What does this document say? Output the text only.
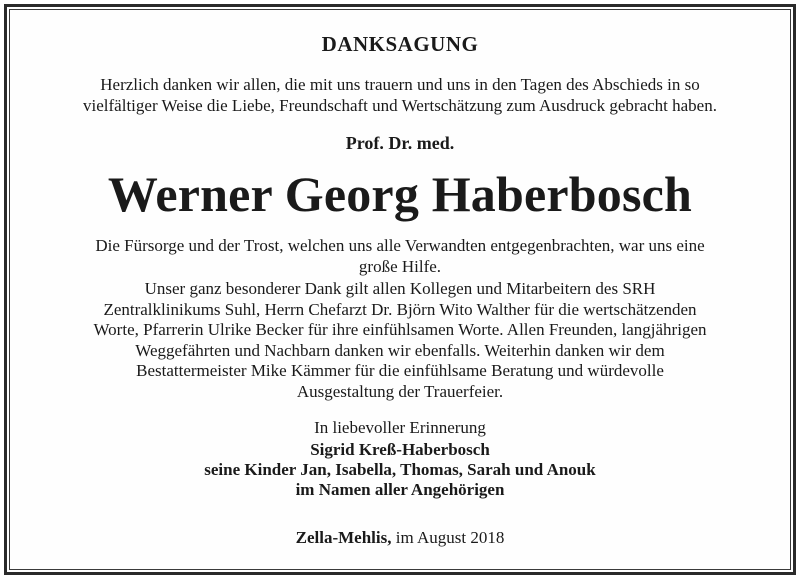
DANKSAGUNG
Herzlich danken wir allen, die mit uns trauern und uns in den Tagen des Abschieds in so
vielfältiger Weise die Liebe, Freundschaft und Wertschätzung zum Ausdruck gebracht haben.
Prof. Dr. med.
Werner Georg Haberbosch
Die Fürsorge und der Trost, welchen uns alle Verwandten entgegenbrachten, war uns eine
große Hilfe.
Unser ganz besonderer Dank gilt allen Kollegen und Mitarbeitern des SRH
Zentralklinikums Suhl, Herrn Chefarzt Dr. Björn Wito Walther für die wertschätzenden
Worte, Pfarrerin Ulrike Becker für ihre einfühlsamen Worte. Allen Freunden, langjährigen
Weggefährten und Nachbarn danken wir ebenfalls. Weiterhin danken wir dem
Bestattermeister Mike Kämmer für die einfühlsame Beratung und würdevolle
Ausgestaltung der Trauerfeier.
In liebevoller Erinnerung
Sigrid Kreß-Haberbosch
seine Kinder Jan, Isabella, Thomas, Sarah und Anouk
im Namen aller Angehörigen
Zella-Mehlis, im August 2018
